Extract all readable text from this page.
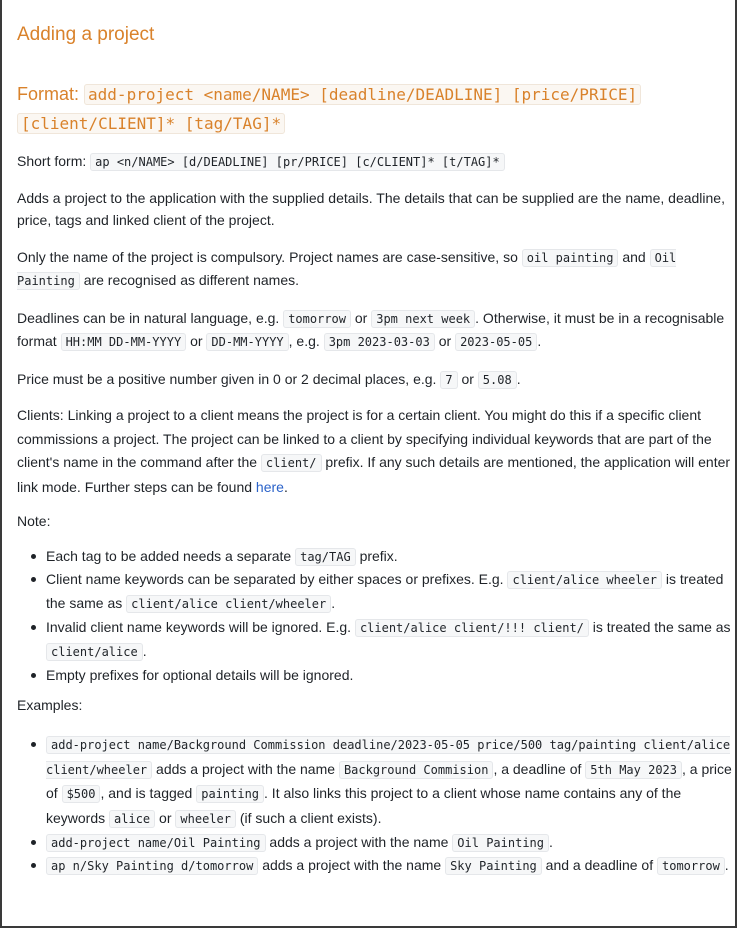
Adding a project
Format: add-project <name/NAME> [deadline/DEADLINE] [price/PRICE] [client/CLIENT]* [tag/TAG]*

Short form: ap <n/NAME> [d/DEADLINE] [pr/PRICE] [c/CLIENT]* [t/TAG]*

Adds a project to the application with the supplied details. The details that can be supplied are the name, deadline, price, tags and linked client of the project.

Only the name of the project is compulsory. Project names are case-sensitive, so oil painting and Oil Painting are recognised as different names.

Deadlines can be in natural language, e.g. tomorrow or 3pm next week . Otherwise, it must be in a recognisable format HH:MM DD-MM-YYYY or DD-MM-YYYY , e.g. 3pm 2023-03-03 or 2023-05-05 .

Price must be a positive number given in 0 or 2 decimal places, e.g. 7 or 5.08 .

Clients: Linking a project to a client means the project is for a certain client. You might do this if a specific client commissions a project. The project can be linked to a client by specifying individual keywords that are part of the client's name in the command after the client/ prefix. If any such details are mentioned, the application will enter link mode. Further steps can be found here.

Note:

Each tag to be added needs a separate tag/TAG prefix.
Client name keywords can be separated by either spaces or prefixes. E.g. client/alice wheeler is treated the same as client/alice client/wheeler .
Invalid client name keywords will be ignored. E.g. client/alice client/!!! client/ is treated the same as client/alice .
Empty prefixes for optional details will be ignored.

Examples:

add-project name/Background Commission deadline/2023-05-05 price/500 tag/painting client/alice client/wheeler adds a project with the name Background Commision , a deadline of 5th May 2023 , a price of $500 , and is tagged painting . It also links this project to a client whose name contains any of the keywords alice or wheeler (if such a client exists).
add-project name/Oil Painting adds a project with the name Oil Painting .
ap n/Sky Painting d/tomorrow adds a project with the name Sky Painting and a deadline of tomorrow .
